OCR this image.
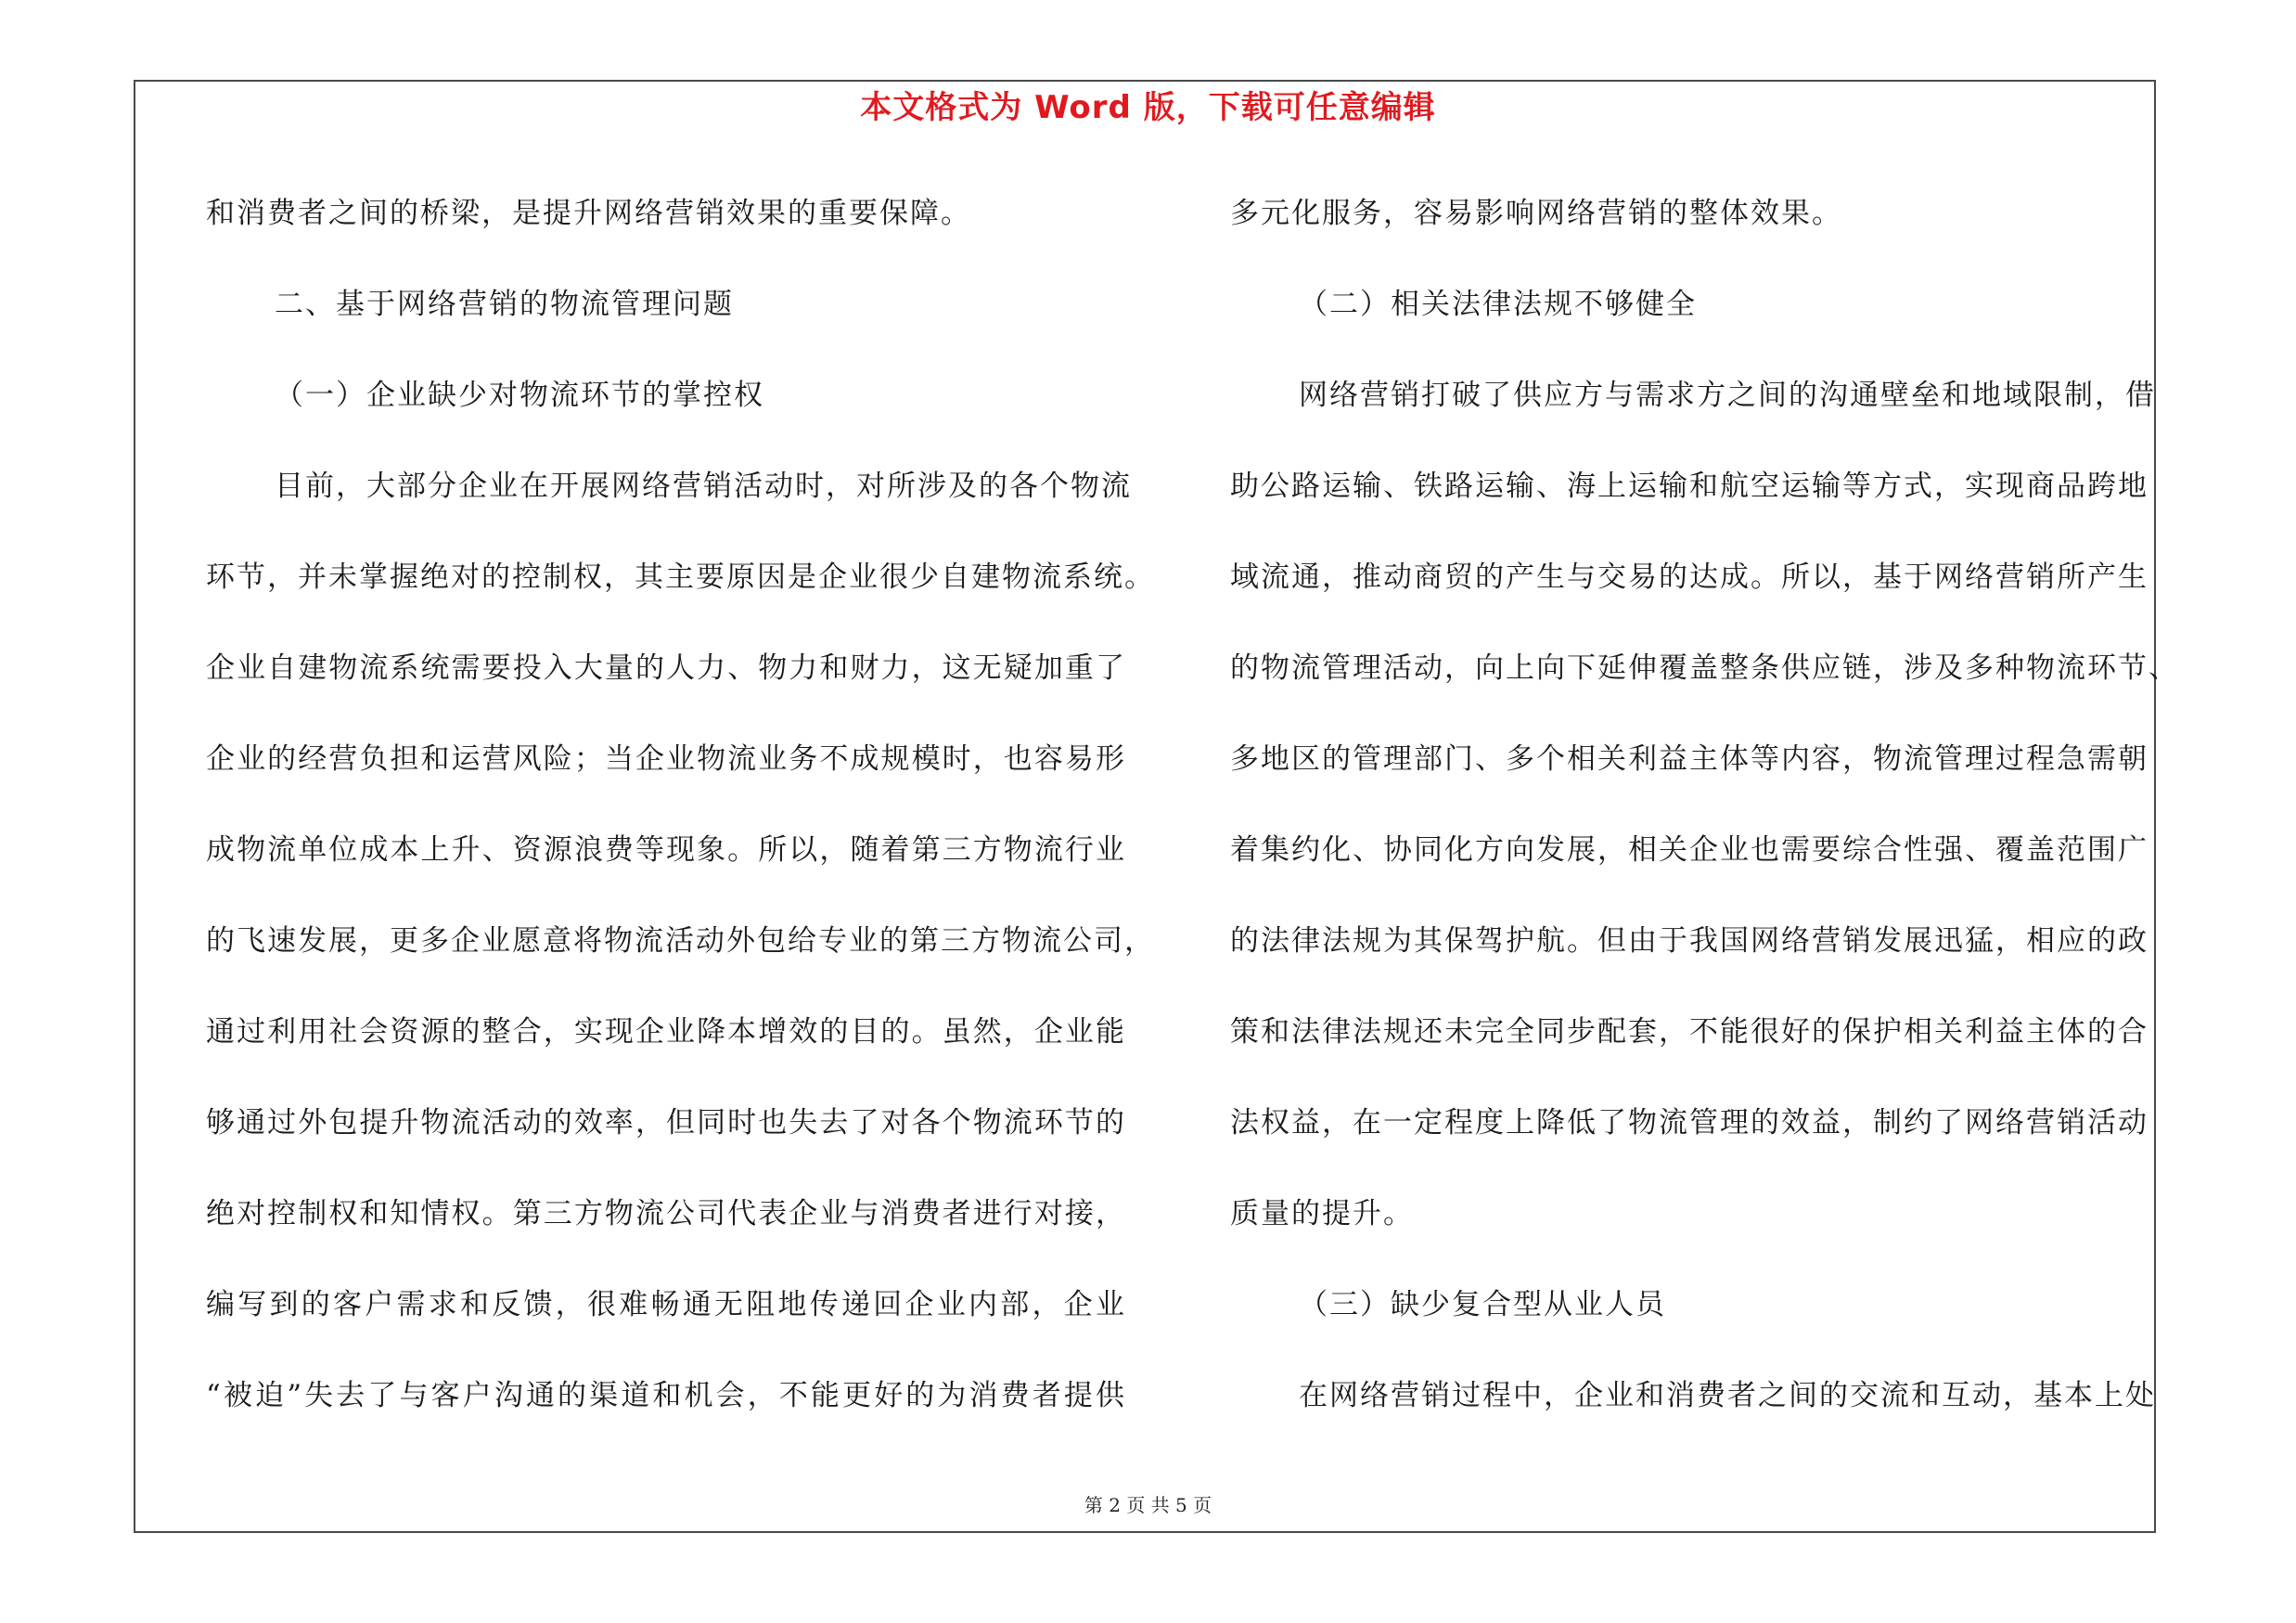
本文格式为 Word 版，下载可任意编辑
和消费者之间的桥梁，是提升网络营销效果的重要保障。
二、基于网络营销的物流管理问题
（一）企业缺少对物流环节的掌控权
目前，大部分企业在开展网络营销活动时，对所涉及的各个物流
环节，并未掌握绝对的控制权，其主要原因是企业很少自建物流系统。
企业自建物流系统需要投入大量的人力、物力和财力，这无疑加重了
企业的经营负担和运营风险；当企业物流业务不成规模时，也容易形
成物流单位成本上升、资源浪费等现象。所以，随着第三方物流行业
的飞速发展，更多企业愿意将物流活动外包给专业的第三方物流公司，
通过利用社会资源的整合，实现企业降本增效的目的。虽然，企业能
够通过外包提升物流活动的效率，但同时也失去了对各个物流环节的
绝对控制权和知情权。第三方物流公司代表企业与消费者进行对接，
编写到的客户需求和反馈，很难畅通无阻地传递回企业内部，企业
“被迫”失去了与客户沟通的渠道和机会，不能更好的为消费者提供
多元化服务，容易影响网络营销的整体效果。
（二）相关法律法规不够健全
网络营销打破了供应方与需求方之间的沟通壁垒和地域限制，借
助公路运输、铁路运输、海上运输和航空运输等方式，实现商品跨地
域流通，推动商贸的产生与交易的达成。所以，基于网络营销所产生
的物流管理活动，向上向下延伸覆盖整条供应链，涉及多种物流环节、
多地区的管理部门、多个相关利益主体等内容，物流管理过程急需朝
着集约化、协同化方向发展，相关企业也需要综合性强、覆盖范围广
的法律法规为其保驾护航。但由于我国网络营销发展迅猛，相应的政
策和法律法规还未完全同步配套，不能很好的保护相关利益主体的合
法权益，在一定程度上降低了物流管理的效益，制约了网络营销活动
质量的提升。
（三）缺少复合型从业人员
在网络营销过程中，企业和消费者之间的交流和互动，基本上处
第 2 页 共 5 页
